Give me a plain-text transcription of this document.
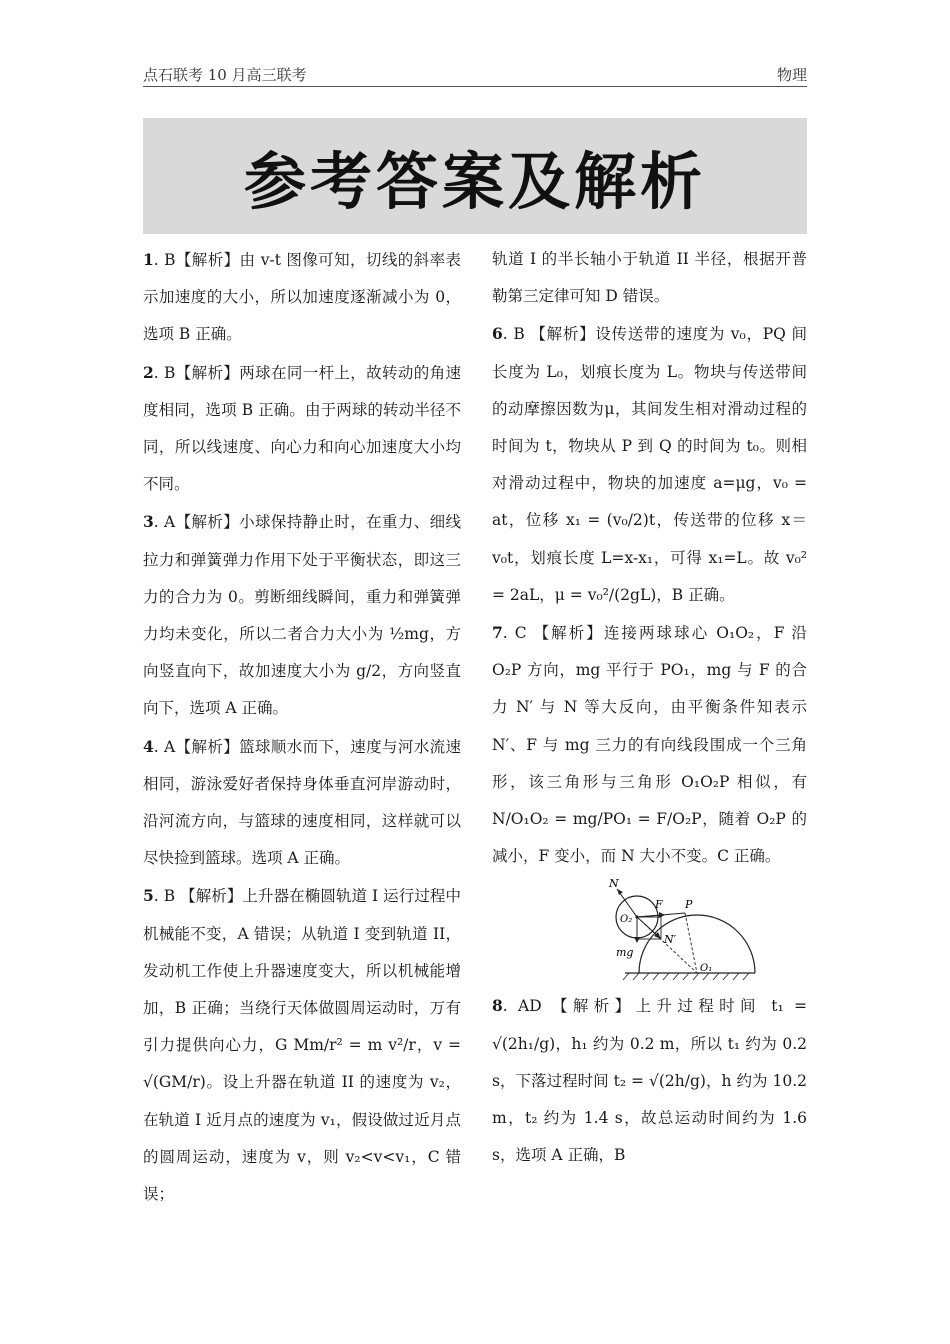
点石联考 10 月高三联考	物理
参考答案及解析

1. B【解析】由 v-t 图像可知，切线的斜率表示加速度的大小，所以加速度逐渐减小为 0，选项 B 正确。

2. B【解析】两球在同一杆上，故转动的角速度相同，选项 B 正确。由于两球的转动半径不同，所以线速度、向心力和向心加速度大小均不同。

3. A【解析】小球保持静止时，在重力、细线拉力和弹簧弹力作用下处于平衡状态，即这三力的合力为 0。剪断细线瞬间，重力和弹簧弹力均未变化，所以二者合力大小为 ½mg，方向竖直向下，故加速度大小为 g/2，方向竖直向下，选项 A 正确。

4. A【解析】篮球顺水而下，速度与河水流速相同，游泳爱好者保持身体垂直河岸游动时，沿河流方向，与篮球的速度相同，这样就可以尽快捡到篮球。选项 A 正确。

5. B 【解析】上升器在椭圆轨道 I 运行过程中机械能不变，A 错误；从轨道 I 变到轨道 II，发动机工作使上升器速度变大，所以机械能增加，B 正确；当绕行天体做圆周运动时，万有引力提供向心力，G Mm/r² = m v²/r，v = √(GM/r)。设上升器在轨道 II 的速度为 v₂，在轨道 I 近月点的速度为 v₁，假设做过近月点的圆周运动，速度为 v，则 v₂<v<v₁，C 错误；

轨道 I 的半长轴小于轨道 II 半径，根据开普勒第三定律可知 D 错误。

6. B 【解析】设传送带的速度为 v₀，PQ 间长度为 L₀，划痕长度为 L。物块与传送带间的动摩擦因数为μ，其间发生相对滑动过程的时间为 t，物块从 P 到 Q 的时间为 t₀。则相对滑动过程中，物块的加速度 a=μg，v₀ = at，位移 x₁ = (v₀/2)t，传送带的位移 x＝v₀t，划痕长度 L=x-x₁，可得 x₁=L。故 v₀² = 2aL，μ = v₀²/(2gL)，B 正确。

7. C 【解析】连接两球球心 O₁O₂，F 沿 O₂P 方向，mg 平行于 PO₁，mg 与 F 的合力 N′ 与 N 等大反向，由平衡条件知表示 N′、F 与 mg 三力的有向线段围成一个三角形，该三角形与三角形 O₁O₂P 相似，有 N/O₁O₂ = mg/PO₁ = F/O₂P，随着 O₂P 的减小，F 变小，而 N 大小不变。C 正确。

N
O₂
F P
mg
N′
O₁

8. AD 【解析】上升过程时间 t₁ = √(2h₁/g)，h₁ 约为 0.2 m，所以 t₁ 约为 0.2 s，下落过程时间 t₂ = √(2h/g)，h 约为 10.2 m，t₂ 约为 1.4 s，故总运动时间约为 1.6 s，选项 A 正确，B
